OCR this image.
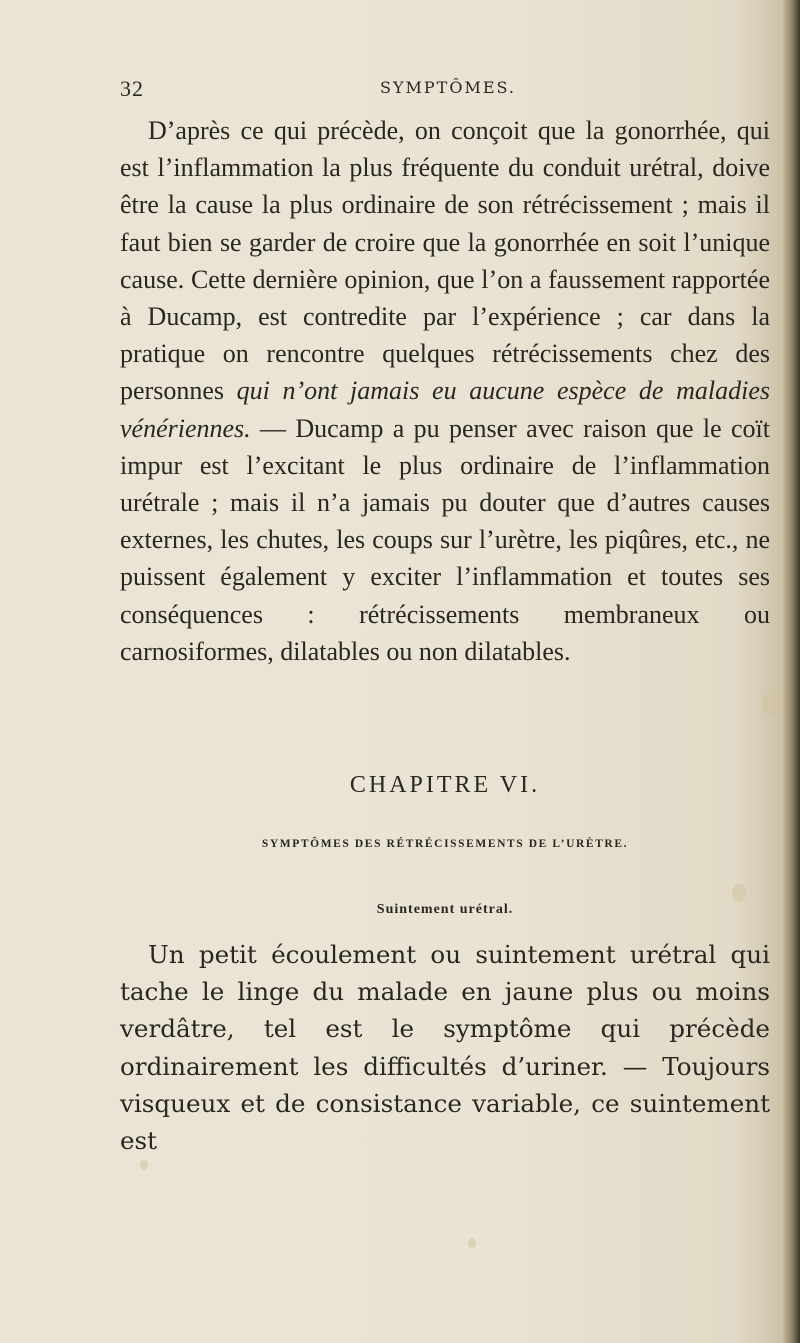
32	SYMPTÔMES.

D’après ce qui précède, on conçoit que la gonorrhée, qui est l’inflammation la plus fréquente du conduit urétral, doive être la cause la plus ordinaire de son rétrécissement ; mais il faut bien se garder de croire que la gonorrhée en soit l’unique cause. Cette dernière opinion, que l’on a faussement rapportée à Ducamp, est contredite par l’expérience ; car dans la pratique on rencontre quelques rétrécissements chez des personnes qui n’ont jamais eu aucune espèce de maladies vénériennes. — Ducamp a pu penser avec raison que le coït impur est l’excitant le plus ordinaire de l’inflammation urétrale ; mais il n’a jamais pu douter que d’autres causes externes, les chutes, les coups sur l’urètre, les piqûres, etc., ne puissent également y exciter l’inflammation et toutes ses conséquences : rétrécissements membraneux ou carnosiformes, dilatables ou non dilatables.

CHAPITRE VI.
SYMPTÔMES DES RÉTRÉCISSEMENTS DE L’URÈTRE.
Suintement urétral.

Un petit écoulement ou suintement urétral qui tache le linge du malade en jaune plus ou moins verdâtre, tel est le symptôme qui précède ordinairement les difficultés d’uriner. — Toujours visqueux et de consistance variable, ce suintement est
